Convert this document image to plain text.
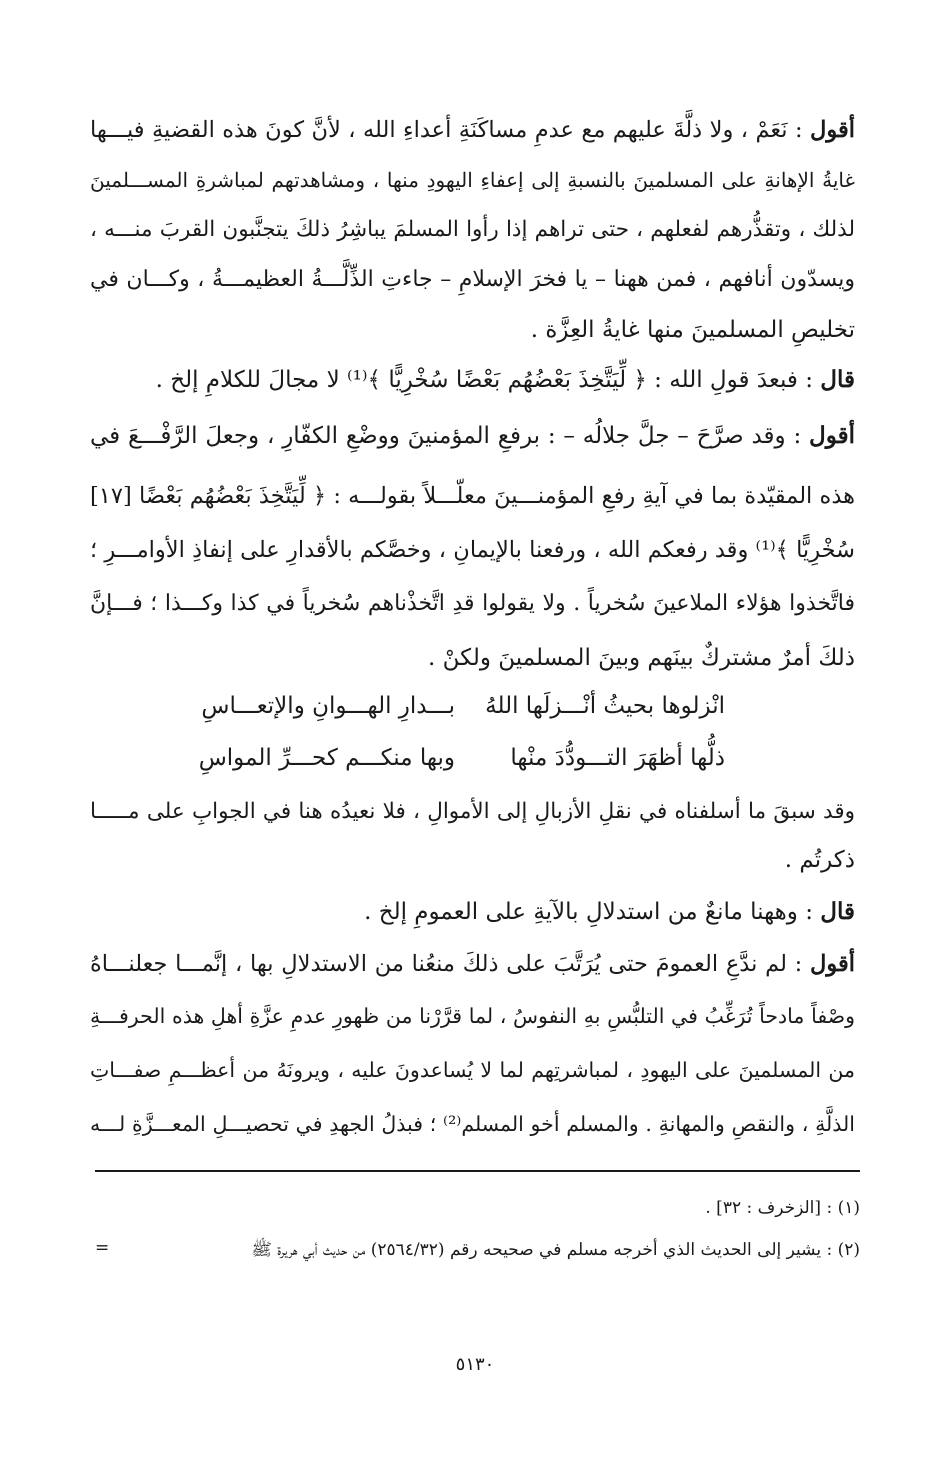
أقول : نَعَمْ ، ولا ذلَّةَ عليهم مع عدمِ مساكَنَةِ أعداءِ الله ، لأنَّ كونَ هذه القضيةِ فيـــها
غايةُ الإهانةِ على المسلمينَ بالنسبةِ إلى إعفاءِ اليهودِ منها ، ومشاهدتهم لمباشرةِ المســـلمينَ
لذلك ، وتقذُّرهم لفعلهم ، حتى تراهم إذا رأوا المسلمَ يباشِرُ ذلكَ يتجنَّبون القربَ منـــه ،
ويسدّون أنافهم ، فمن ههنا – يا فخرَ الإسلامِ – جاءتِ الذِّلَّـــةُ العظيمـــةُ ، وكـــان في
تخليصِ المسلمينَ منها غايةُ العِزَّة .
قال : فبعدَ قولِ الله : ﴿ لِّيَتَّخِذَ بَعْضُهُم بَعْضًا سُخْرِيًّا ﴾⁽¹⁾ لا مجالَ للكلامِ إلخ .
أقول : وقد صرَّحَ – جلَّ جلالُه – : برفعِ المؤمنينَ ووضْعِ الكفّارِ ، وجعلَ الرَّفْـــعَ في
هذه المقيّدة بما في آيةِ رفعِ المؤمنـــينَ معلّـــلاً بقولـــه : ﴿ لِّيَتَّخِذَ بَعْضُهُم بَعْضًا [١٧]
سُخْرِيًّا ﴾⁽¹⁾ وقد رفعكم الله ، ورفعنا بالإيمانِ ، وخصَّكم بالأقدارِ على إنفاذِ الأوامـــرِ ؛
فاتَّخذوا هؤلاء الملاعينَ سُخرياً . ولا يقولوا قدِ اتَّخذْناهم سُخرياً في كذا وكـــذا ؛ فـــإنَّ
ذلكَ أمرٌ مشتركٌ بينَهم وبينَ المسلمينَ ولكنْ .
انْزلوها بحيثُ أنْـــزلَها اللهُ
بـــدارِ الهـــوانِ والإتعـــاسِ
ذلُّها أظهَرَ التـــودُّدَ منْها
وبها منكـــم كحـــرِّ المواسِ
وقد سبقَ ما أسلفناه في نقلِ الأزبالِ إلى الأموالِ ، فلا نعيدُه هنا في الجوابِ على مـــــا
ذكرتُم .
قال : وههنا مانعٌ من استدلالِ بالآيةِ على العمومِ إلخ .
أقول : لم ندَّعِ العمومَ حتى يُرَتَّبَ على ذلكَ منعُنا من الاستدلالِ بها ، إنَّمـــا جعلنـــاهُ
وصْفاً مادحاً تُرَغِّبُ في التلبُّسِ بهِ النفوسُ ، لما قرَّرْنا من ظهورِ عدمِ عزَّةِ أهلِ هذه الحرفـــةِ
من المسلمينَ على اليهودِ ، لمباشرتِهم لما لا يُساعدونَ عليه ، ويرونَهُ من أعظـــمِ صفـــاتِ
الذلَّةِ ، والنقصِ والمهانةِ . والمسلم أخو المسلم⁽²⁾ ؛ فبذلُ الجهدِ في تحصيـــلِ المعـــزَّةِ لـــه
(١) : [الزخرف : ٣٢] .
(٢) : يشير إلى الحديث الذي أخرجه مسلم في صحيحه رقم (٢٥٦٤/٣٢) من حديث أبي هريرة ﷺ
=
٥١٣٠
